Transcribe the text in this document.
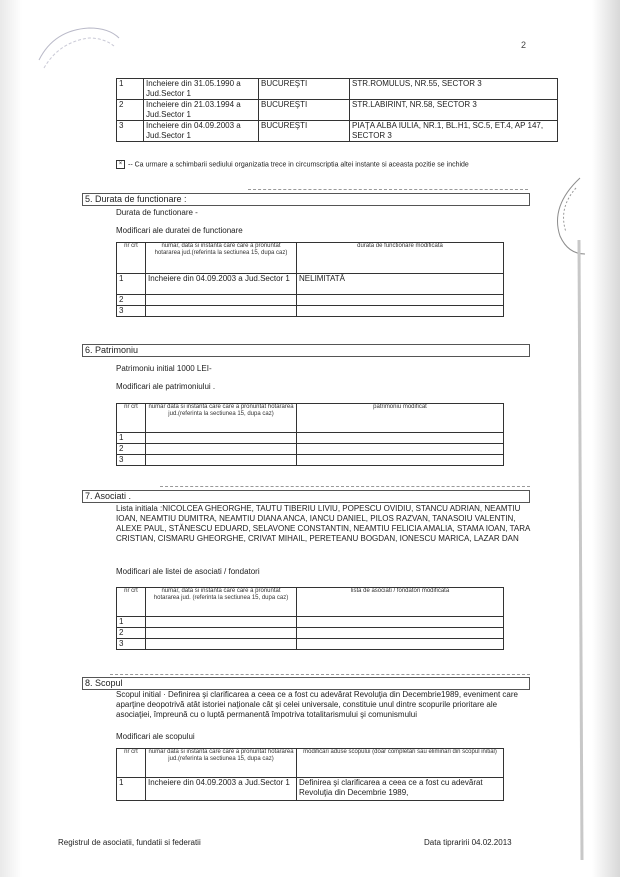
2
1	Incheiere din 31.05.1990 a Jud.Sector 1	BUCUREŞTI	STR.ROMULUS, NR.55, SECTOR 3
2	Incheiere din 21.03.1994 a Jud.Sector 1	BUCUREŞTI	STR.LABIRINT, NR.58, SECTOR 3
3	Incheiere din 04.09.2003 a Jud.Sector 1	BUCUREŞTI	PIAŢA ALBA IULIA, NR.1, BL.H1, SC.5, ET.4, AP 147, SECTOR 3
× -- Ca urmare a schimbarii sediului organizatia trece in circumscriptia altei instante si aceasta pozitie se inchide
5. Durata de functionare :
Durata de functionare -
Modificari ale duratei de functionare
nr crt	numar, data si instanta care care a pronuntat hotararea jud.(referinta la sectiunea 15, dupa caz)	durata de functionare modificata
1	Incheiere din 04.09.2003 a Jud.Sector 1	NELIMITATĂ
2		
3		
6. Patrimoniu
Patrimoniu initial 1000 LEI-
Modificari ale patrimoniului .
nr crt	numar data si instanta care care a pronuntat hotararea jud.(referinta la sectiunea 15, dupa caz)	patrimoniu modificat
1		
2		
3		
7. Asociati .
Lista initiala :NICOLCEA GHEORGHE, TAUTU TIBERIU LIVIU, POPESCU OVIDIU, STANCU ADRIAN, NEAMTIU IOAN, NEAMTIU DUMITRA, NEAMTIU DIANA ANCA, IANCU DANIEL, PILOS RAZVAN, TANASOIU VALENTIN, ALEXE PAUL, STĂNESCU EDUARD, SELAVONE CONSTANTIN, NEAMTIU FELICIA AMALIA, STAMA IOAN, TARA CRISTIAN, CISMARU GHEORGHE, CRIVAT MIHAIL, PERETEANU BOGDAN, IONESCU MARICA, LAZAR DAN
Modificari ale listei de asociati / fondatori
nr crt	numar, data si instanta care care a pronuntat hotararea jud. (referinta la sectiunea 15, dupa caz)	lista de asociati / fondatori modificata
1		
2		
3		
8. Scopul
Scopul initial · Definirea şi clarificarea a ceea ce a fost cu adevărat Revoluţia din Decembrie1989, eveniment care aparţine deopotrivă atât istoriei naţionale cât şi celei universale, constituie unul dintre scopurile prioritare ale asociaţiei, împreună cu o luptă permanentă împotriva totalitarismului şi comunismului
Modificari ale scopului
nr crt	numar data si instanta care care a pronuntat hotararea jud.(referinta la sectiunea 15, dupa caz)	modificari aduse scopului (doar completari sau eliminari din scopul initial)
1	Incheiere din 04.09.2003 a Jud.Sector 1	Definirea şi clarificarea a ceea ce a fost cu adevărat Revoluţia din Decembrie 1989,
Registrul de asociatii, fundatii si federatii	Data tipraririi 04.02.2013
